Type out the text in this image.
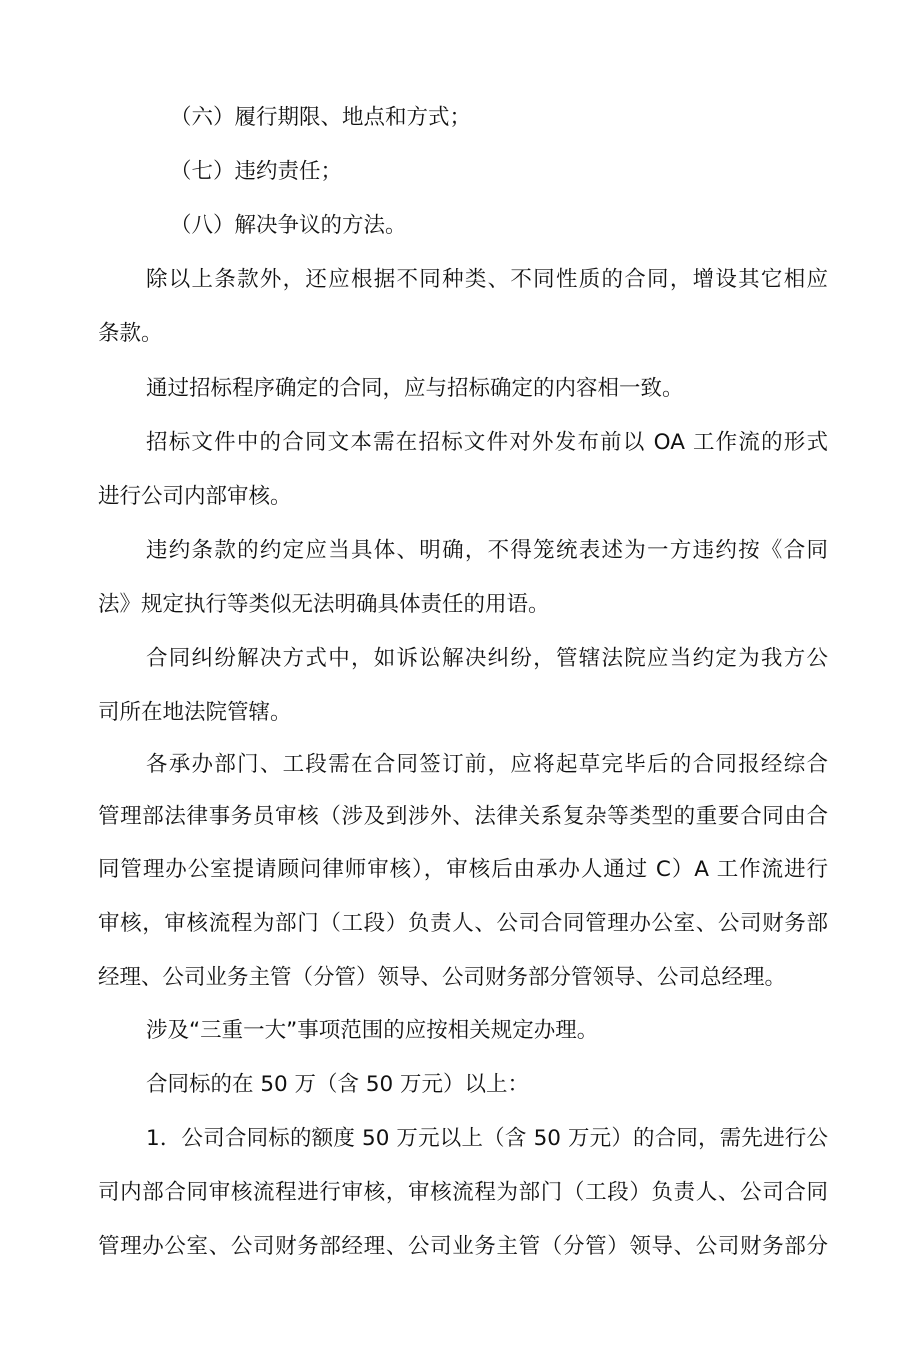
（六）履行期限、地点和方式；
（七）违约责任；
（八）解决争议的方法。
除以上条款外，还应根据不同种类、不同性质的合同，增设其它相应
条款。
通过招标程序确定的合同，应与招标确定的内容相一致。
招标文件中的合同文本需在招标文件对外发布前以 OA 工作流的形式
进行公司内部审核。
违约条款的约定应当具体、明确，不得笼统表述为一方违约按《合同
法》规定执行等类似无法明确具体责任的用语。
合同纠纷解决方式中，如诉讼解决纠纷，管辖法院应当约定为我方公
司所在地法院管辖。
各承办部门、工段需在合同签订前，应将起草完毕后的合同报经综合
管理部法律事务员审核（涉及到涉外、法律关系复杂等类型的重要合同由合
同管理办公室提请顾问律师审核），审核后由承办人通过 C）A 工作流进行
审核，审核流程为部门（工段）负责人、公司合同管理办公室、公司财务部
经理、公司业务主管（分管）领导、公司财务部分管领导、公司总经理。
涉及“三重一大”事项范围的应按相关规定办理。
合同标的在 50 万（含 50 万元）以上：
1．公司合同标的额度 50 万元以上（含 50 万元）的合同，需先进行公
司内部合同审核流程进行审核，审核流程为部门（工段）负责人、公司合同
管理办公室、公司财务部经理、公司业务主管（分管）领导、公司财务部分
